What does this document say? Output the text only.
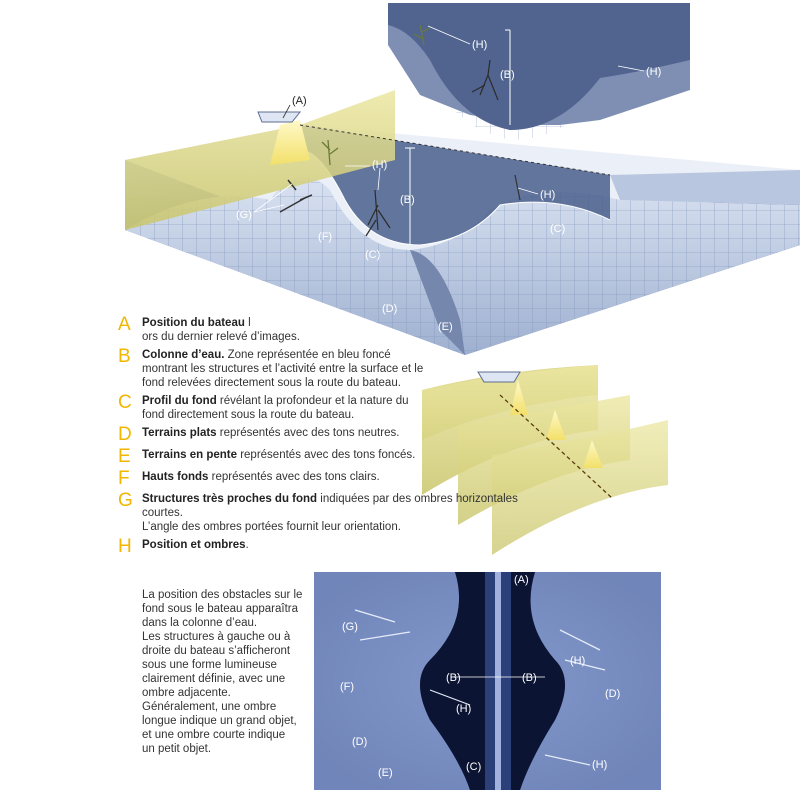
(A)
(H)
(B)	(H)
(G)
(F)
(C)
(C)
(D)
(E)
(H)
(B)	(H)
(A)
(G)
(H)
(B)	(B)
(F)
(D)
(H)
(D)
(C)
(E)
(H)
A Position du bateau l
ors du dernier relevé d’images.
B Colonne d’eau. Zone représentée en bleu foncé montrant les structures et l’activité entre la surface et le fond relevées directement sous la route du bateau.
C Profil du fond révélant la profondeur et la nature du fond directement sous la route du bateau.
D Terrains plats représentés avec des tons neutres.
E Terrains en pente représentés avec des tons foncés.
F	Hauts fonds représentés avec des tons clairs.
G Structures très proches du fond indiquées par des ombres horizontales courtes.
L’angle des ombres portées fournit leur orientation.
H Position et ombres.
La position des obstacles sur le
fond sous le bateau apparaîtra
dans la colonne d’eau.
Les structures à gauche ou à
droite du bateau s’afficheront
sous une forme lumineuse
clairement définie, avec une
ombre adjacente.
Généralement, une ombre
longue indique un grand objet,
et une ombre courte indique
un petit objet.
